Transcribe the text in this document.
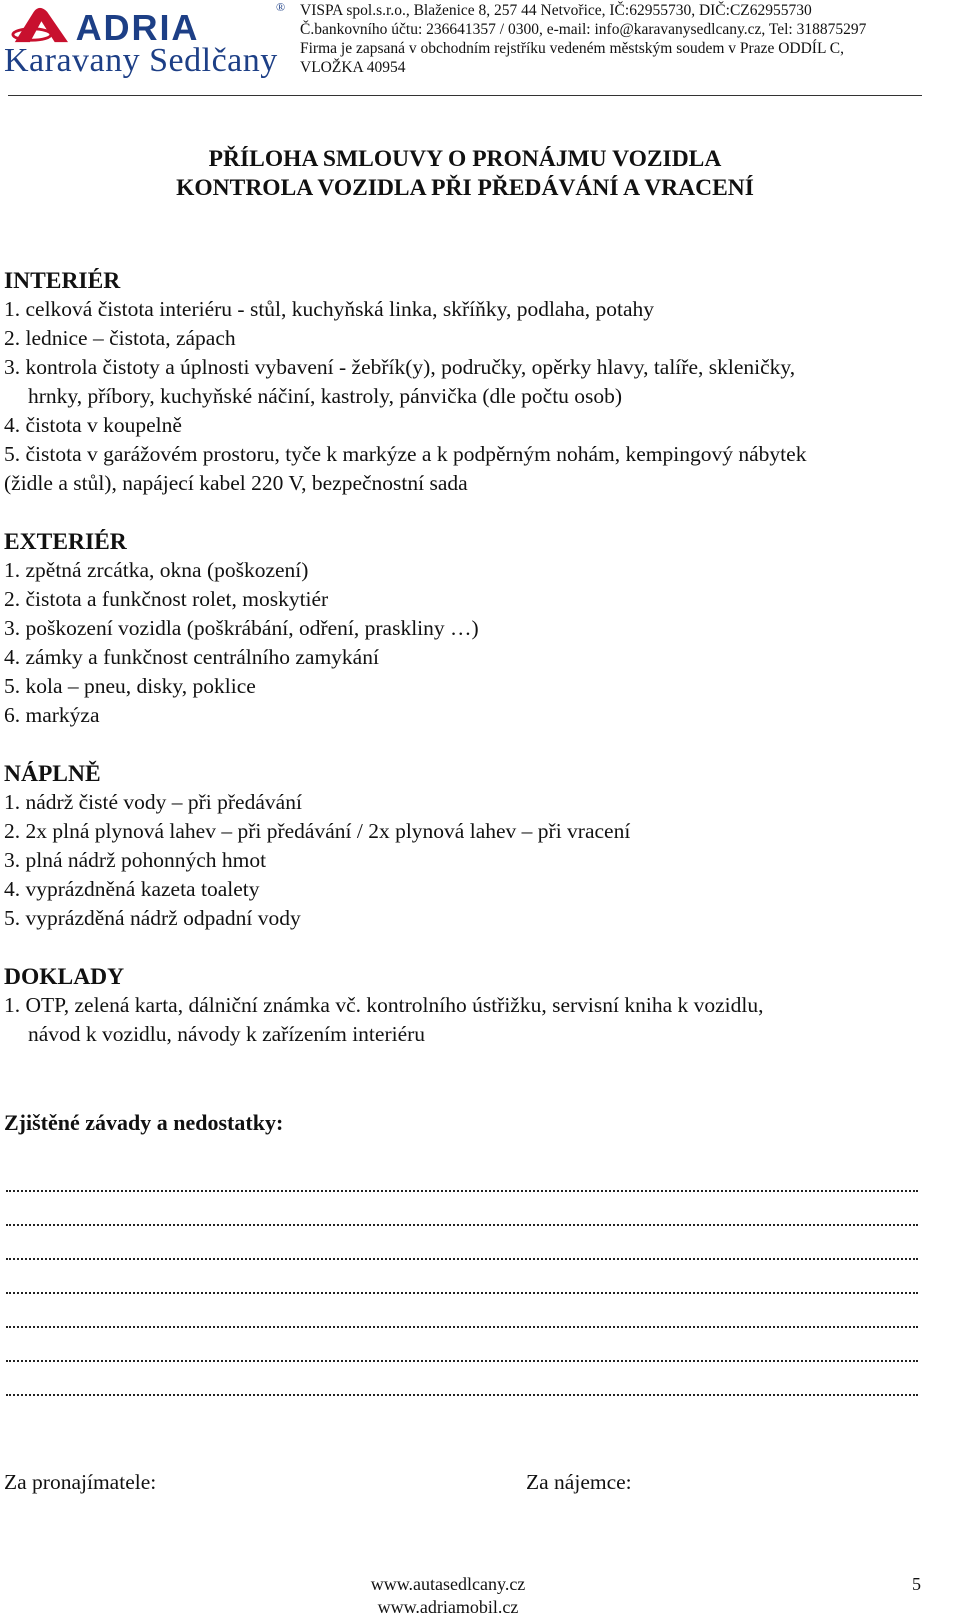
ADRIA
®
Karavany Sedlčany
VISPA spol.s.r.o., Blaženice 8, 257 44 Netvořice, IČ:62955730, DIČ:CZ62955730
Č.bankovního účtu: 236641357 / 0300, e-mail: info@karavanysedlcany.cz, Tel: 318875297
Firma je zapsaná v obchodním rejstříku vedeném městským soudem v Praze ODDÍL C,
VLOŽKA 40954
PŘÍLOHA SMLOUVY O PRONÁJMU VOZIDLA
KONTROLA VOZIDLA PŘI PŘEDÁVÁNÍ A VRACENÍ
INTERIÉR
1. celková čistota interiéru - stůl, kuchyňská linka, skříňky, podlaha, potahy
2. lednice – čistota, zápach
3. kontrola čistoty a úplnosti vybavení - žebřík(y), područky, opěrky hlavy, talíře, skleničky,
hrnky, příbory, kuchyňské náčiní, kastroly, pánvička (dle počtu osob)
4. čistota v koupelně
5. čistota v garážovém prostoru, tyče k markýze a k podpěrným nohám, kempingový nábytek
(židle a stůl), napájecí kabel 220 V, bezpečnostní sada
EXTERIÉR
1. zpětná zrcátka, okna (poškození)
2. čistota a funkčnost rolet, moskytiér
3. poškození vozidla (poškrábání, odření, praskliny …)
4. zámky a funkčnost centrálního zamykání
5. kola – pneu, disky, poklice
6. markýza
NÁPLNĚ
1. nádrž čisté vody – při předávání
2. 2x plná plynová lahev – při předávání / 2x plynová lahev – při vracení
3. plná nádrž pohonných hmot
4. vyprázdněná kazeta toalety
5. vyprázděná nádrž odpadní vody
DOKLADY
1. OTP, zelená karta, dálniční známka vč. kontrolního ústřižku, servisní kniha k vozidlu,
návod k vozidlu, návody k zařízením interiéru
Zjištěné závady a nedostatky:
Za pronajímatele:	Za nájemce:
www.autasedlcany.cz
www.adriamobil.cz
5
